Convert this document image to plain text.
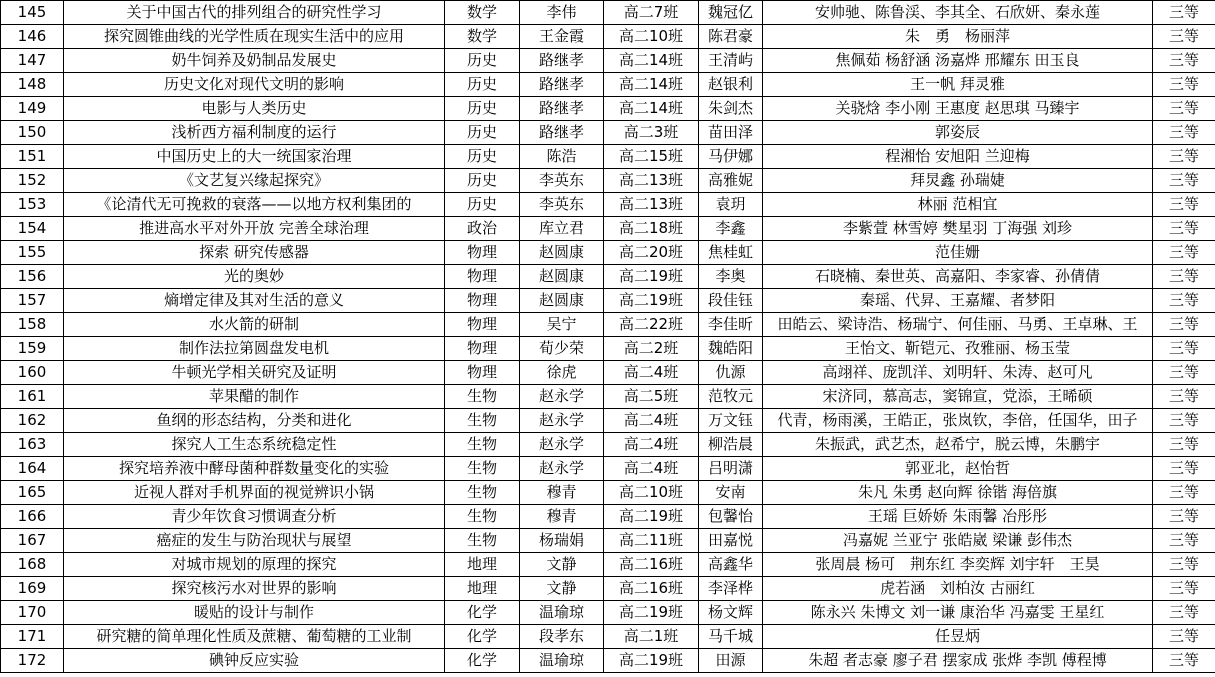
145	关于中国古代的排列组合的研究性学习	数学	李伟	高二7班	魏冠亿	安帅驰、陈鲁渓、李其全、石欣妍、秦永莲	三等
146	探究圆锥曲线的光学性质在现实生活中的应用	数学	王金霞	高二10班	陈君豪	朱　勇　杨丽萍	三等
147	奶牛饲养及奶制品发展史	历史	路继孝	高二14班	王清屿	焦佩茹 杨舒涵 汤嘉烨 邢耀东 田玉良	三等
148	历史文化对现代文明的影响	历史	路继孝	高二14班	赵银利	王一帆 拜灵雅	三等
149	电影与人类历史	历史	路继孝	高二14班	朱剑杰	关骁焓 李小刚 王惠度 赵思琪 马臻宇	三等
150	浅析西方福利制度的运行	历史	路继孝	高二3班	苗田泽	郭姿辰	三等
151	中国历史上的大一统国家治理	历史	陈浩	高二15班	马伊娜	程湘怡 安旭阳 兰迎梅	三等
152	《文艺复兴缘起探究》	历史	李英东	高二13班	高雅妮	拜炅鑫 孙瑞婕	三等
153	《论清代无可挽救的衰落——以地方权利集团的	历史	李英东	高二13班	袁玥	林丽 范相宜	三等
154	推进高水平对外开放 完善全球治理	政治	库立君	高二18班	李鑫	李紫萱 林雪婷 樊星羽 丁海强 刘珍	三等
155	探索 研究传感器	物理	赵圆康	高二20班	焦桂虹	范佳姗	三等
156	光的奥妙	物理	赵圆康	高二19班	李奥	石晓楠、秦世英、高嘉阳、李家睿、孙倩倩	三等
157	熵增定律及其对生活的意义	物理	赵圆康	高二19班	段佳钰	秦瑶、代昇、王嘉耀、者梦阳	三等
158	水火箭的研制	物理	吴宁	高二22班	李佳昕	田皓云、梁诗浩、杨瑞宁、何佳丽、马勇、王卓琳、王	三等
159	制作法拉第圆盘发电机	物理	荀少荣	高二2班	魏皓阳	王怡文、靳铠元、孜雅丽、杨玉莹	三等
160	牛顿光学相关研究及证明	物理	徐虎	高二4班	仇源	高翊祥、庞凯洋、刘明轩、朱涛、赵可凡	三等
161	苹果醋的制作	生物	赵永学	高二5班	范牧元	宋济同，慕高志，窦锦宣，党添，王晞硕	三等
162	鱼纲的形态结构，分类和进化	生物	赵永学	高二4班	万文钰	代青，杨雨溪，王皓正，张岚钦，李倍，任国华，田子	三等
163	探究人工生态系统稳定性	生物	赵永学	高二4班	柳浩晨	朱振武，武艺杰，赵希宁，脱云博，朱鹏宇	三等
164	探究培养液中酵母菌种群数量变化的实验	生物	赵永学	高二4班	吕明潇	郭亚北，赵怡哲	三等
165	近视人群对手机界面的视觉辨识小锅	生物	穆青	高二10班	安南	朱凡 朱勇 赵向辉 徐锴 海倍旗	三等
166	青少年饮食习惯调查分析	生物	穆青	高二19班	包馨怡	王瑶 巨娇娇 朱雨馨 冶彤彤	三等
167	癌症的发生与防治现状与展望	生物	杨瑞娟	高二11班	田嘉悦	冯嘉妮 兰亚宁 张皓崴 梁谦 彭伟杰	三等
168	对城市规划的原理的探究	地理	文静	高二16班	高鑫华	张周晨 杨可　荆东红 李奕辉 刘宇轩　王昊	三等
169	探究核污水对世界的影响	地理	文静	高二16班	李泽桦	虎若涵　刘柏汝 古丽红	三等
170	暖贴的设计与制作	化学	温瑜琼	高二19班	杨文辉	陈永兴 朱博文 刘一谦 康治华 冯嘉雯 王星红	三等
171	研究糖的简单理化性质及蔗糖、葡萄糖的工业制	化学	段孝东	高二1班	马千城	任昱炳	三等
172	碘钟反应实验	化学	温瑜琼	高二19班	田源	朱超 者志豪 廖子君 摆家成 张烨 李凯 傅程博	三等
